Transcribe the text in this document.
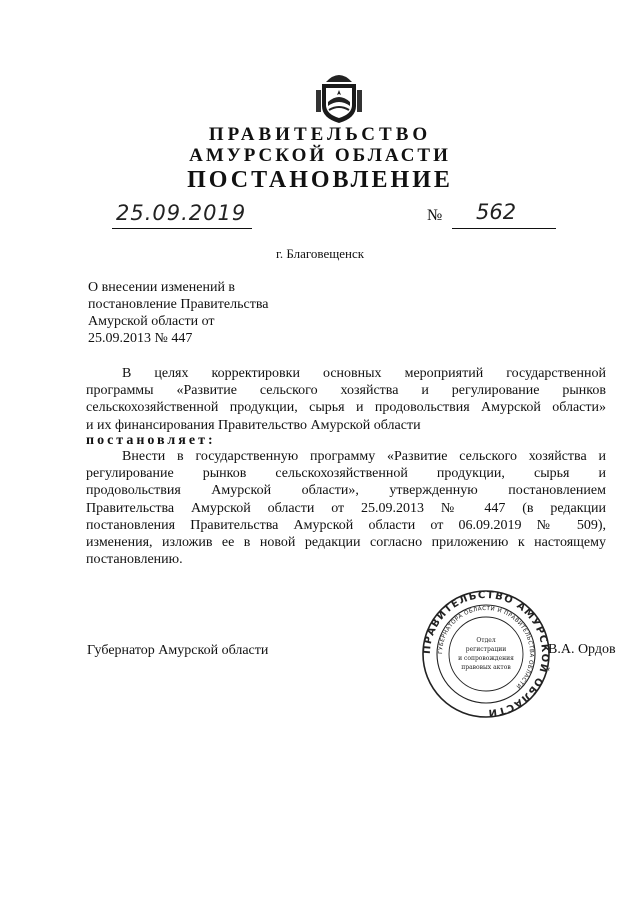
ПРАВИТЕЛЬСТВО
АМУРСКОЙ ОБЛАСТИ
ПОСТАНОВЛЕНИЕ
25.09.2019	№ 562
г. Благовещенск
О внесении изменений в
постановление Правительства
Амурской области от
25.09.2013 № 447
В целях корректировки основных мероприятий государственной
программы «Развитие сельского хозяйства и регулирование рынков
сельскохозяйственной продукции, сырья и продовольствия Амурской области»
и их финансирования Правительство Амурской области
постановляет:
Внести в государственную программу «Развитие сельского хозяйства и
регулирование рынков сельскохозяйственной продукции, сырья и
продовольствия Амурской области», утвержденную постановлением
Правительства Амурской области от 25.09.2013 № 447 (в редакции
постановления Правительства Амурской области от 06.09.2019 № 509),
изменения, изложив ее в новой редакции согласно приложению к настоящему
постановлению.
Губернатор Амурской области	ПРАВИТЕЛЬСТВО АМУРСКОЙ ОБЛАСТИ
ГУБЕРНАТОРА ОБЛАСТИ И ПРАВИТЕЛЬСТВА ОБЛАСТИ
Отдел
регистрации
и сопровождения
правовых актов
В.А. Ордов
